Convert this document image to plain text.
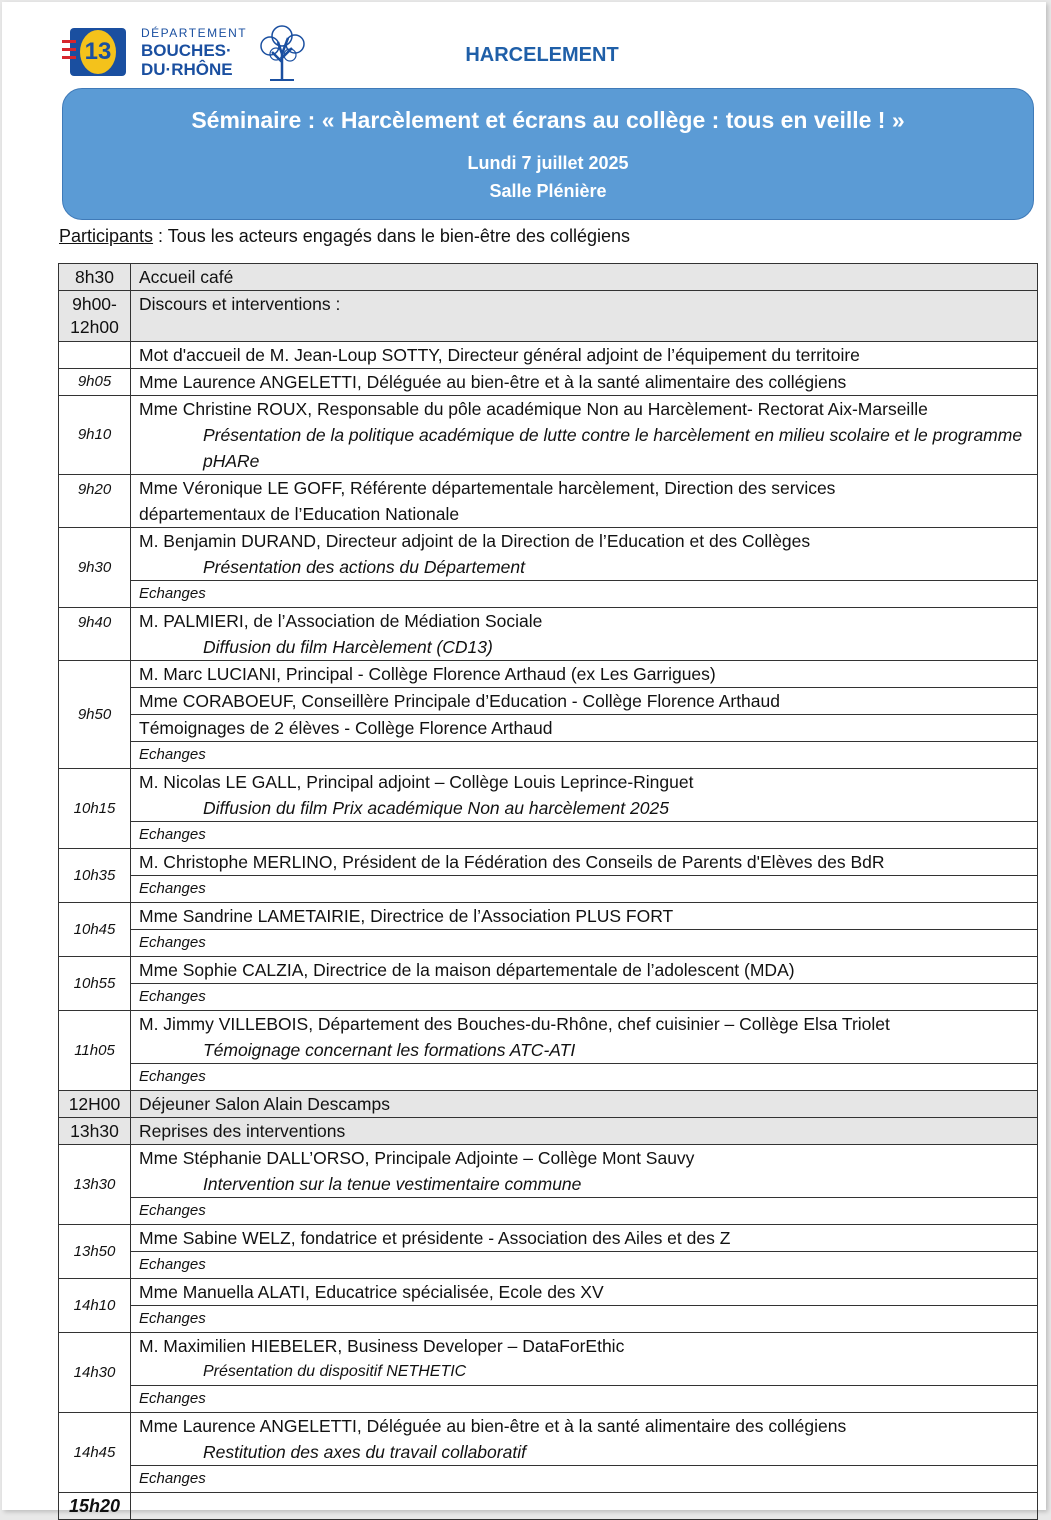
13
DÉPARTEMENT
BOUCHES·
DU·RHÔNE
HARCELEMENT
Séminaire : « Harcèlement et écrans au collège : tous en veille ! »
Lundi 7 juillet 2025
Salle Plénière
Participants : Tous les acteurs engagés dans le bien-être des collégiens
8h30	Accueil café
9h00-
12h00	Discours et interventions :
	Mot d'accueil de M. Jean-Loup SOTTY, Directeur général adjoint de l’équipement du territoire
9h05	Mme Laurence ANGELETTI, Déléguée au bien-être et à la santé alimentaire des collégiens
9h10	Mme Christine ROUX, Responsable du pôle académique Non au Harcèlement- Rectorat Aix-Marseille
Présentation de la politique académique de lutte contre le harcèlement en milieu scolaire et le programme pHARe

9h20	Mme Véronique LE GOFF, Référente départementale harcèlement, Direction des services
départementaux de l’Education Nationale

9h30	M. Benjamin DURAND, Directeur adjoint de la Direction de l’Education et des Collèges
Présentation des actions du Département

	Echanges
9h40	M. PALMIERI, de l’Association de Médiation Sociale
Diffusion du film Harcèlement (CD13)

9h50	M. Marc LUCIANI, Principal - Collège Florence Arthaud (ex Les Garrigues)
	Mme CORABOEUF, Conseillère Principale d’Education - Collège Florence Arthaud
	Témoignages de 2 élèves - Collège Florence Arthaud
	Echanges
10h15	M. Nicolas LE GALL, Principal adjoint – Collège Louis Leprince-Ringuet
Diffusion du film Prix académique Non au harcèlement 2025

	Echanges
10h35	M. Christophe MERLINO, Président de la Fédération des Conseils de Parents d'Elèves des BdR
	Echanges
10h45	Mme Sandrine LAMETAIRIE, Directrice de l’Association PLUS FORT
	Echanges
10h55	Mme Sophie CALZIA, Directrice de la maison départementale de l’adolescent (MDA)
	Echanges
11h05	M. Jimmy VILLEBOIS, Département des Bouches-du-Rhône, chef cuisinier – Collège Elsa Triolet
Témoignage concernant les formations ATC-ATI

	Echanges
12H00	Déjeuner Salon Alain Descamps
13h30	Reprises des interventions
13h30	Mme Stéphanie DALL’ORSO, Principale Adjointe – Collège Mont Sauvy
Intervention sur la tenue vestimentaire commune

	Echanges
13h50	Mme Sabine WELZ, fondatrice et présidente - Association des Ailes et des Z
	Echanges
14h10	Mme Manuella ALATI, Educatrice spécialisée, Ecole des XV
	Echanges
14h30	M. Maximilien HIEBELER, Business Developer – DataForEthic
Présentation du dispositif NETHETIC

	Echanges
14h45	Mme Laurence ANGELETTI, Déléguée au bien-être et à la santé alimentaire des collégiens
Restitution des axes du travail collaboratif

	Echanges
15h20	
